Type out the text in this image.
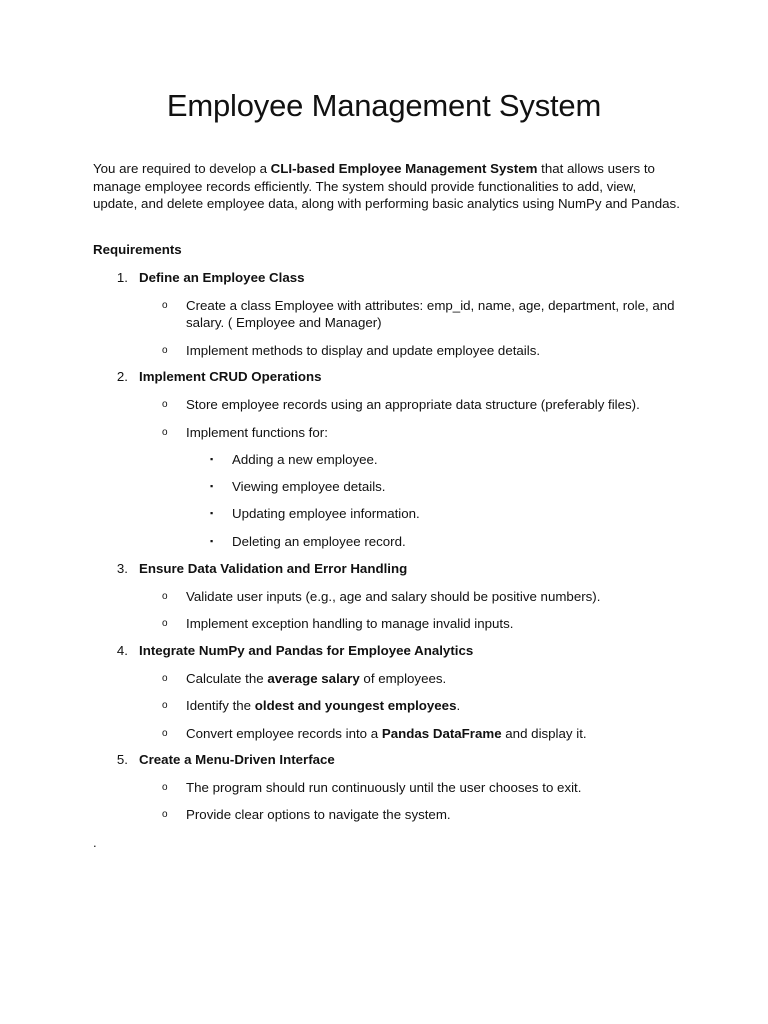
Employee Management System

You are required to develop a CLI-based Employee Management System that allows users to manage employee records efficiently. The system should provide functionalities to add, view, update, and delete employee data, along with performing basic analytics using NumPy and Pandas.

Requirements
1. Define an Employee Class
o Create a class Employee with attributes: emp_id, name, age, department, role, and salary. ( Employee and Manager)
o Implement methods to display and update employee details.
2. Implement CRUD Operations
o Store employee records using an appropriate data structure (preferably files).
o Implement functions for:
▪ Adding a new employee.
▪ Viewing employee details.
▪ Updating employee information.
▪ Deleting an employee record.
3. Ensure Data Validation and Error Handling
o Validate user inputs (e.g., age and salary should be positive numbers).
o Implement exception handling to manage invalid inputs.
4. Integrate NumPy and Pandas for Employee Analytics
o Calculate the average salary of employees.
o Identify the oldest and youngest employees.
o Convert employee records into a Pandas DataFrame and display it.
5. Create a Menu-Driven Interface
o The program should run continuously until the user chooses to exit.
o Provide clear options to navigate the system.
.
